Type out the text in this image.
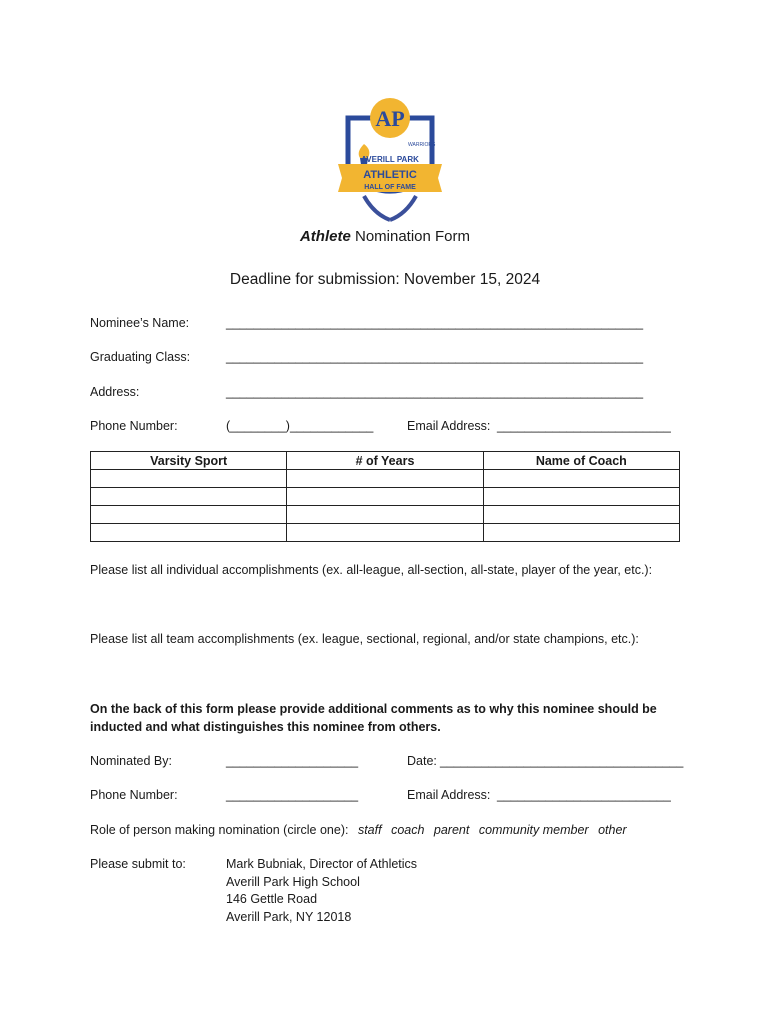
AP
WARRIORS
AVERILL PARK
ATHLETIC
HALL OF FAME
Athlete Nomination Form
Deadline for submission: November 15, 2024
Nominee’s Name:	____________________________________________________________
Graduating Class:	____________________________________________________________
Address:	____________________________________________________________
Phone Number:	(________)____________	Email Address: _________________________
Varsity Sport	# of Years	Name of Coach

Please list all individual accomplishments (ex. all-league, all-section, all-state, player of the year, etc.):
Please list all team accomplishments (ex. league, sectional, regional, and/or state champions, etc.):
On the back of this form please provide additional comments as to why this nominee should be inducted and what distinguishes this nominee from others.
Nominated By:	___________________	Date: ___________________________________
Phone Number:	___________________	Email Address: _________________________
Role of person making nomination (circle one): staff coach parent community member other
Please submit to:	Mark Bubniak, Director of Athletics
Averill Park High School
146 Gettle Road
Averill Park, NY 12018
